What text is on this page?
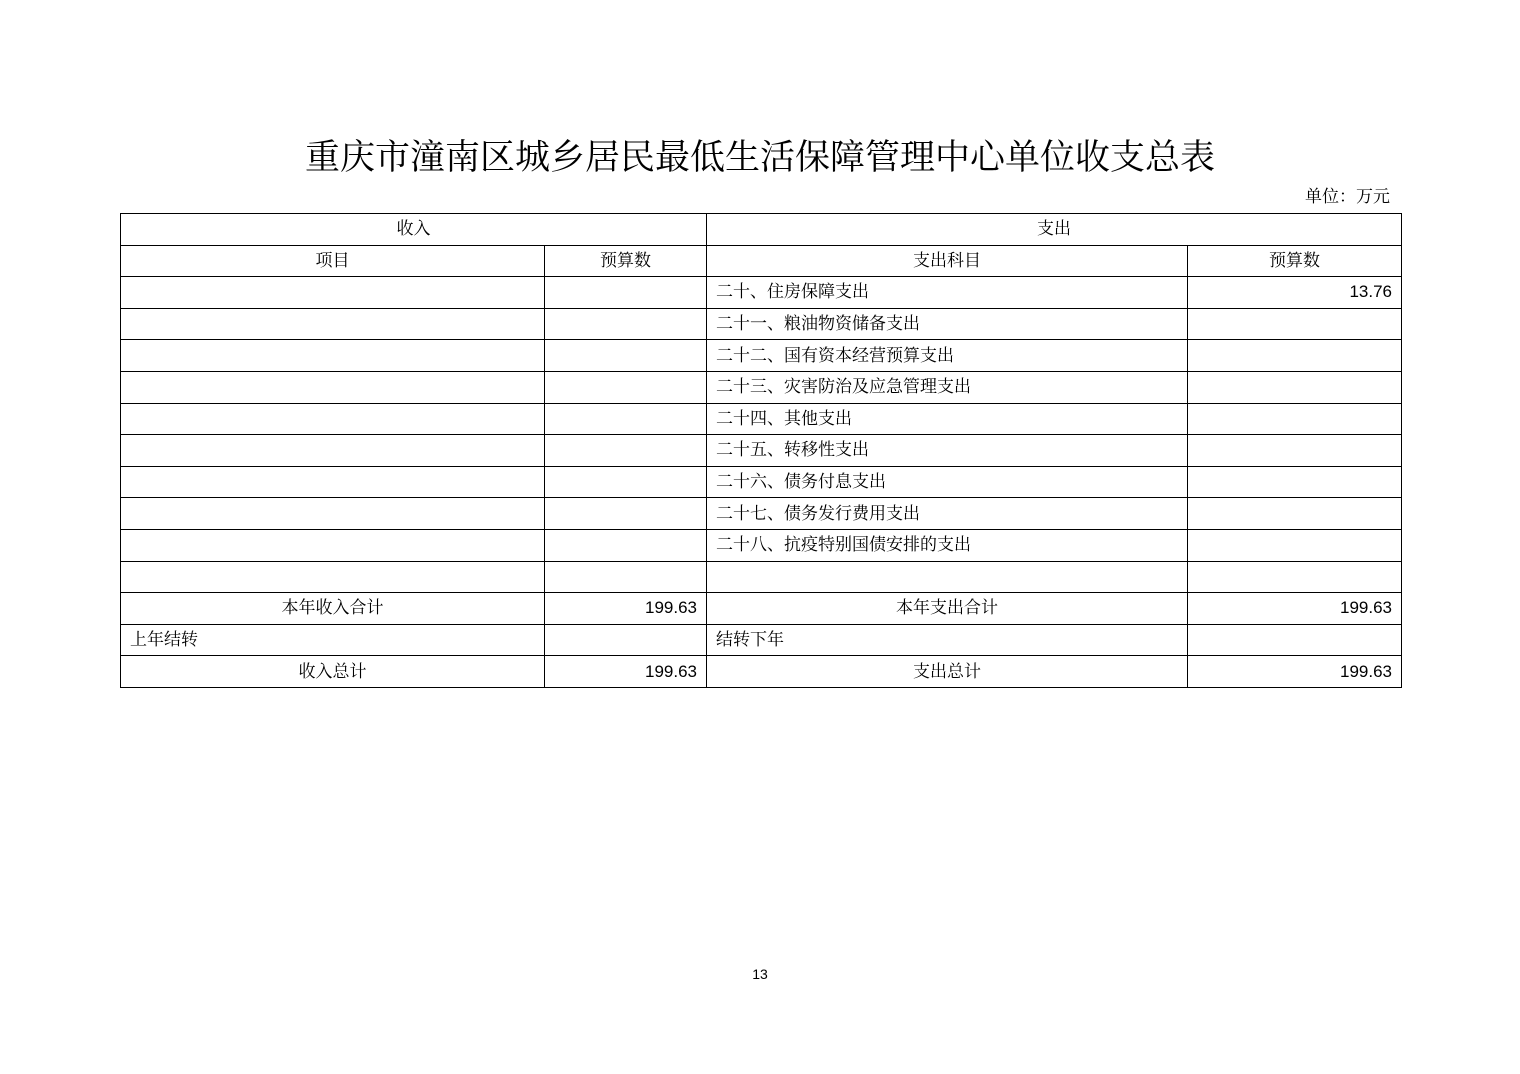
重庆市潼南区城乡居民最低生活保障管理中心单位收支总表
单位：万元
收入		支出	
项目	预算数	支出科目	预算数
		二十、住房保障支出	13.76
		二十一、粮油物资储备支出	
		二十二、国有资本经营预算支出	
		二十三、灾害防治及应急管理支出	
		二十四、其他支出	
		二十五、转移性支出	
		二十六、债务付息支出	
		二十七、债务发行费用支出	
		二十八、抗疫特别国债安排的支出	

本年收入合计	199.63	本年支出合计	199.63
上年结转		结转下年	
收入总计	199.63	支出总计	199.63
13
